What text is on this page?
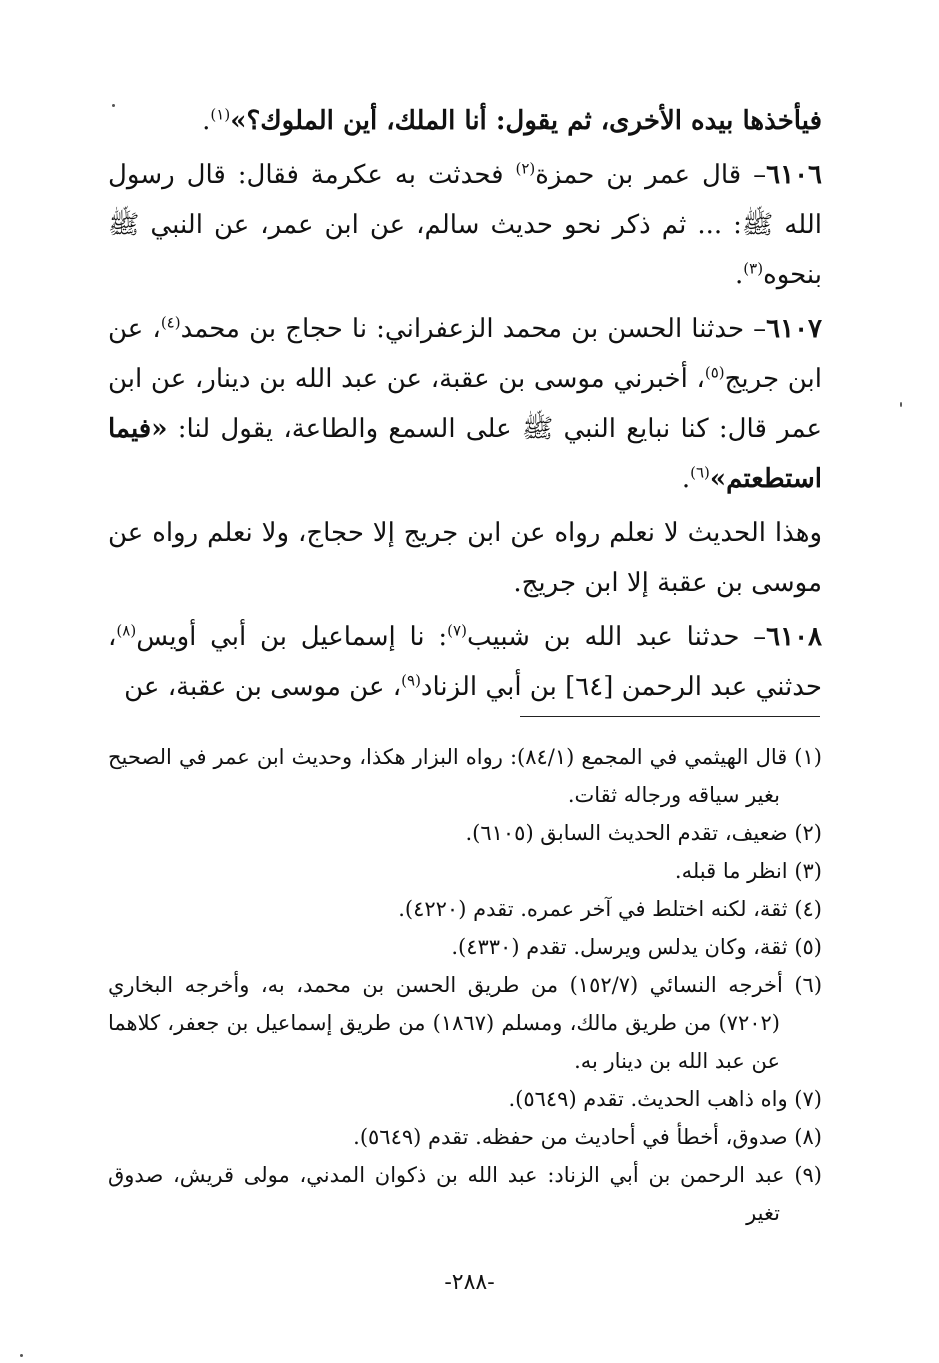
فيأخذها بيده الأخرى، ثم يقول: أنا الملك، أين الملوك؟»$^{(١)}$.

٦١٠٦– قال عمر بن حمزة$^{(٢)}$ فحدثت به عكرمة فقال: قال رسول الله ﷺ: ... ثم ذكر نحو حديث سالم، عن ابن عمر، عن النبي ﷺ بنحوه$^{(٣)}$.

٦١٠٧– حدثنا الحسن بن محمد الزعفراني: نا حجاج بن محمد$^{(٤)}$، عن ابن جريج$^{(٥)}$، أخبرني موسى بن عقبة، عن عبد الله بن دينار، عن ابن عمر قال: كنا نبايع النبي ﷺ على السمع والطاعة، يقول لنا: «فيما استطعتم»$^{(٦)}$.

وهذا الحديث لا نعلم رواه عن ابن جريج إلا حجاج، ولا نعلم رواه عن موسى بن عقبة إلا ابن جريج.

٦١٠٨– حدثنا عبد الله بن شبيب$^{(٧)}$: نا إسماعيل بن أبي أويس$^{(٨)}$، حدثني عبد الرحمن [٦٤] بن أبي الزناد$^{(٩)}$، عن موسى بن عقبة، عن

(١) قال الهيثمي في المجمع (٨٤/١): رواه البزار هكذا، وحديث ابن عمر في الصحيح بغير سياقه ورجاله ثقات.

(٢) ضعيف، تقدم الحديث السابق (٦١٠٥).

(٣) انظر ما قبله.

(٤) ثقة، لكنه اختلط في آخر عمره. تقدم (٤٢٢٠).

(٥) ثقة، وكان يدلس ويرسل. تقدم (٤٣٣٠).

(٦) أخرجه النسائي (١٥٢/٧) من طريق الحسن بن محمد، به، وأخرجه البخاري (٧٢٠٢) من طريق مالك، ومسلم (١٨٦٧) من طريق إسماعيل بن جعفر، كلاهما عن عبد الله بن دينار به.

(٧) واه ذاهب الحديث. تقدم (٥٦٤٩).

(٨) صدوق، أخطأ في أحاديث من حفظه. تقدم (٥٦٤٩).

(٩) عبد الرحمن بن أبي الزناد: عبد الله بن ذكوان المدني، مولى قريش، صدوق تغير

-٢٨٨-
